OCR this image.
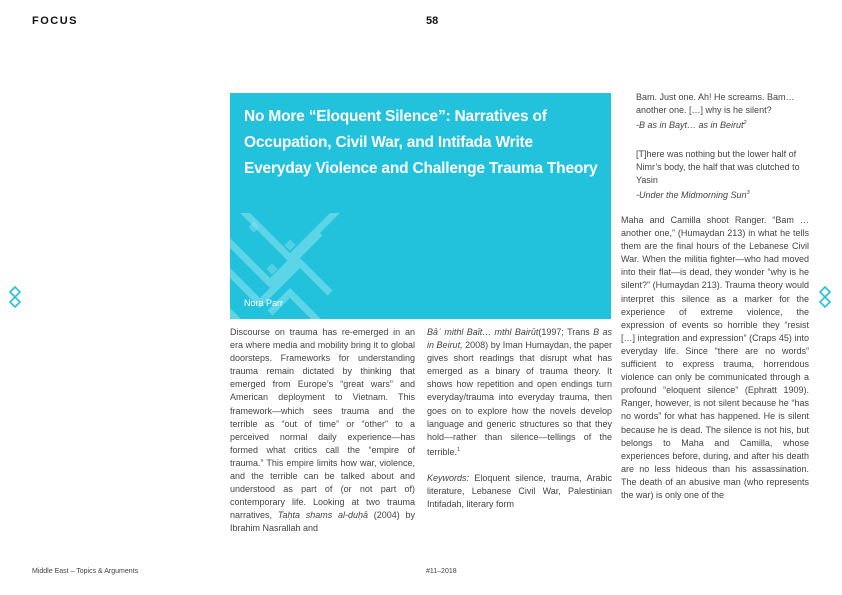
FOCUS	58
No More “Eloquent Silence”: Narratives of Occupation, Civil War, and Intifada Write Everyday Violence and Challenge Trauma Theory
Nora Parr
Bam. Just one. Ah! He screams. Bam… another one. […] why is he silent?
-B as in Bayt… as in Beirut$^2$
[T]here was nothing but the lower half of Nimr’s body, the half that was clutched to Yasin
-Under the Midmorning Sun$^3$

Discourse on trauma has re-emerged in an era where media and mobility bring it to global doorsteps. Frameworks for understanding trauma remain dictated by thinking that emerged from Europe’s “great wars” and American deployment to Vietnam. This framework—which sees trauma and the terrible as “out of time” or “other” to a perceived normal daily experience—has formed what critics call the “empire of trauma.” This empire limits how war, violence, and the terrible can be talked about and understood as part of (or not part of) contemporary life. Looking at two trauma narratives, Taḥta shams al-ḍuḥā (2004) by Ibrahim Nasrallah and

Bāʾ mithl Baīt… mthl Bairūt(1997; Trans B as in Beirut, 2008) by Iman Humaydan, the paper gives short readings that disrupt what has emerged as a binary of trauma theory. It shows how repetition and open endings turn everyday/trauma into everyday trauma, then goes on to explore how the novels develop language and generic structures so that they hold—rather than silence—tellings of the terrible.$^1$

Keywords: Eloquent silence, trauma, Arabic literature, Lebanese Civil War, Palestinian Intifadah, literary form

Maha and Camilla shoot Ranger. “Bam … another one,” (Humaydan 213) in what he tells them are the final hours of the Lebanese Civil War. When the militia fighter—who had moved into their flat—is dead, they wonder “why is he silent?” (Humaydan 213). Trauma theory would interpret this silence as a marker for the experience of extreme violence, the expression of events so horrible they “resist […] integration and expression” (Craps 45) into everyday life. Since “there are no words” sufficient to express trauma, horrendous violence can only be communicated through a profound “eloquent silence” (Ephratt 1909). Ranger, however, is not silent because he “has no words” for what has happened. He is silent because he is dead. The silence is not his, but belongs to Maha and Camilla, whose experiences before, during, and after his death are no less hideous than his assassination. The death of an abusive man (who represents the war) is only one of the

Middle East – Topics & Arguments	#11–2018
